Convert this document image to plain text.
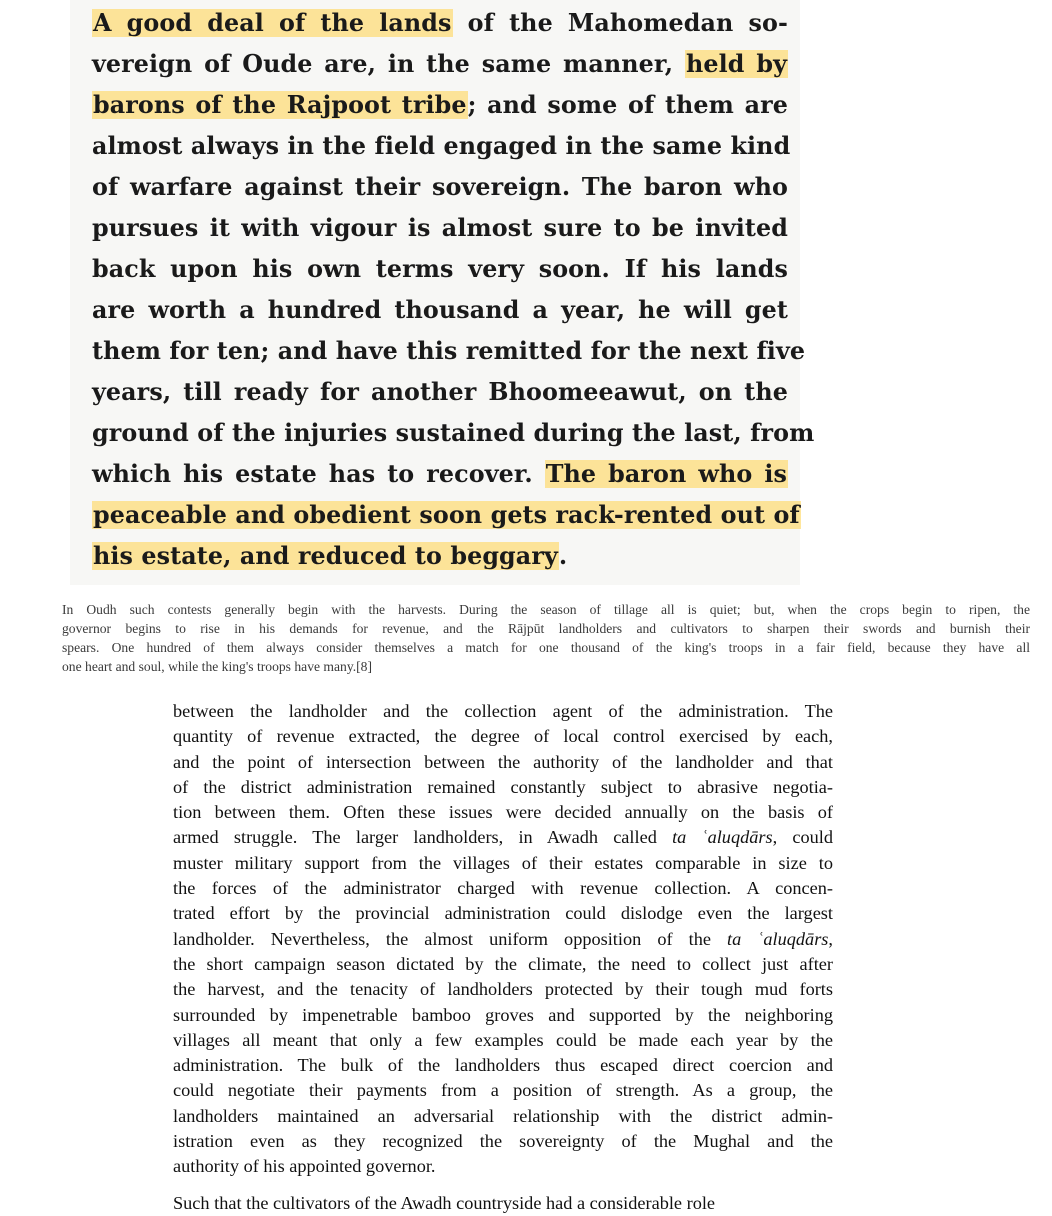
A good deal of the lands of the Mahomedan so-
vereign of Oude are, in the same manner, held by
barons of the Rajpoot tribe; and some of them are
almost always in the field engaged in the same kind
of warfare against their sovereign. The baron who
pursues it with vigour is almost sure to be invited
back upon his own terms very soon. If his lands
are worth a hundred thousand a year, he will get
them for ten; and have this remitted for the next five
years, till ready for another Bhoomeeawut, on the
ground of the injuries sustained during the last, from
which his estate has to recover. The baron who is
peaceable and obedient soon gets rack-rented out of
his estate, and reduced to beggary.
In Oudh such contests generally begin with the harvests. During the season of tillage all is quiet; but, when the crops begin to ripen, the
governor begins to rise in his demands for revenue, and the Rājpūt landholders and cultivators to sharpen their swords and burnish their
spears. One hundred of them always consider themselves a match for one thousand of the king's troops in a fair field, because they have all
one heart and soul, while the king's troops have many.[8]
between the landholder and the collection agent of the administration. The
quantity of revenue extracted, the degree of local control exercised by each,
and the point of intersection between the authority of the landholder and that
of the district administration remained constantly subject to abrasive negotia-
tion between them. Often these issues were decided annually on the basis of
armed struggle. The larger landholders, in Awadh called ta ʿaluqdārs, could
muster military support from the villages of their estates comparable in size to
the forces of the administrator charged with revenue collection. A concen-
trated effort by the provincial administration could dislodge even the largest
landholder. Nevertheless, the almost uniform opposition of the ta ʿaluqdārs,
the short campaign season dictated by the climate, the need to collect just after
the harvest, and the tenacity of landholders protected by their tough mud forts
surrounded by impenetrable bamboo groves and supported by the neighboring
villages all meant that only a few examples could be made each year by the
administration. The bulk of the landholders thus escaped direct coercion and
could negotiate their payments from a position of strength. As a group, the
landholders maintained an adversarial relationship with the district admin-
istration even as they recognized the sovereignty of the Mughal and the
authority of his appointed governor.
Such that the cultivators of the Awadh countryside had a considerable role
